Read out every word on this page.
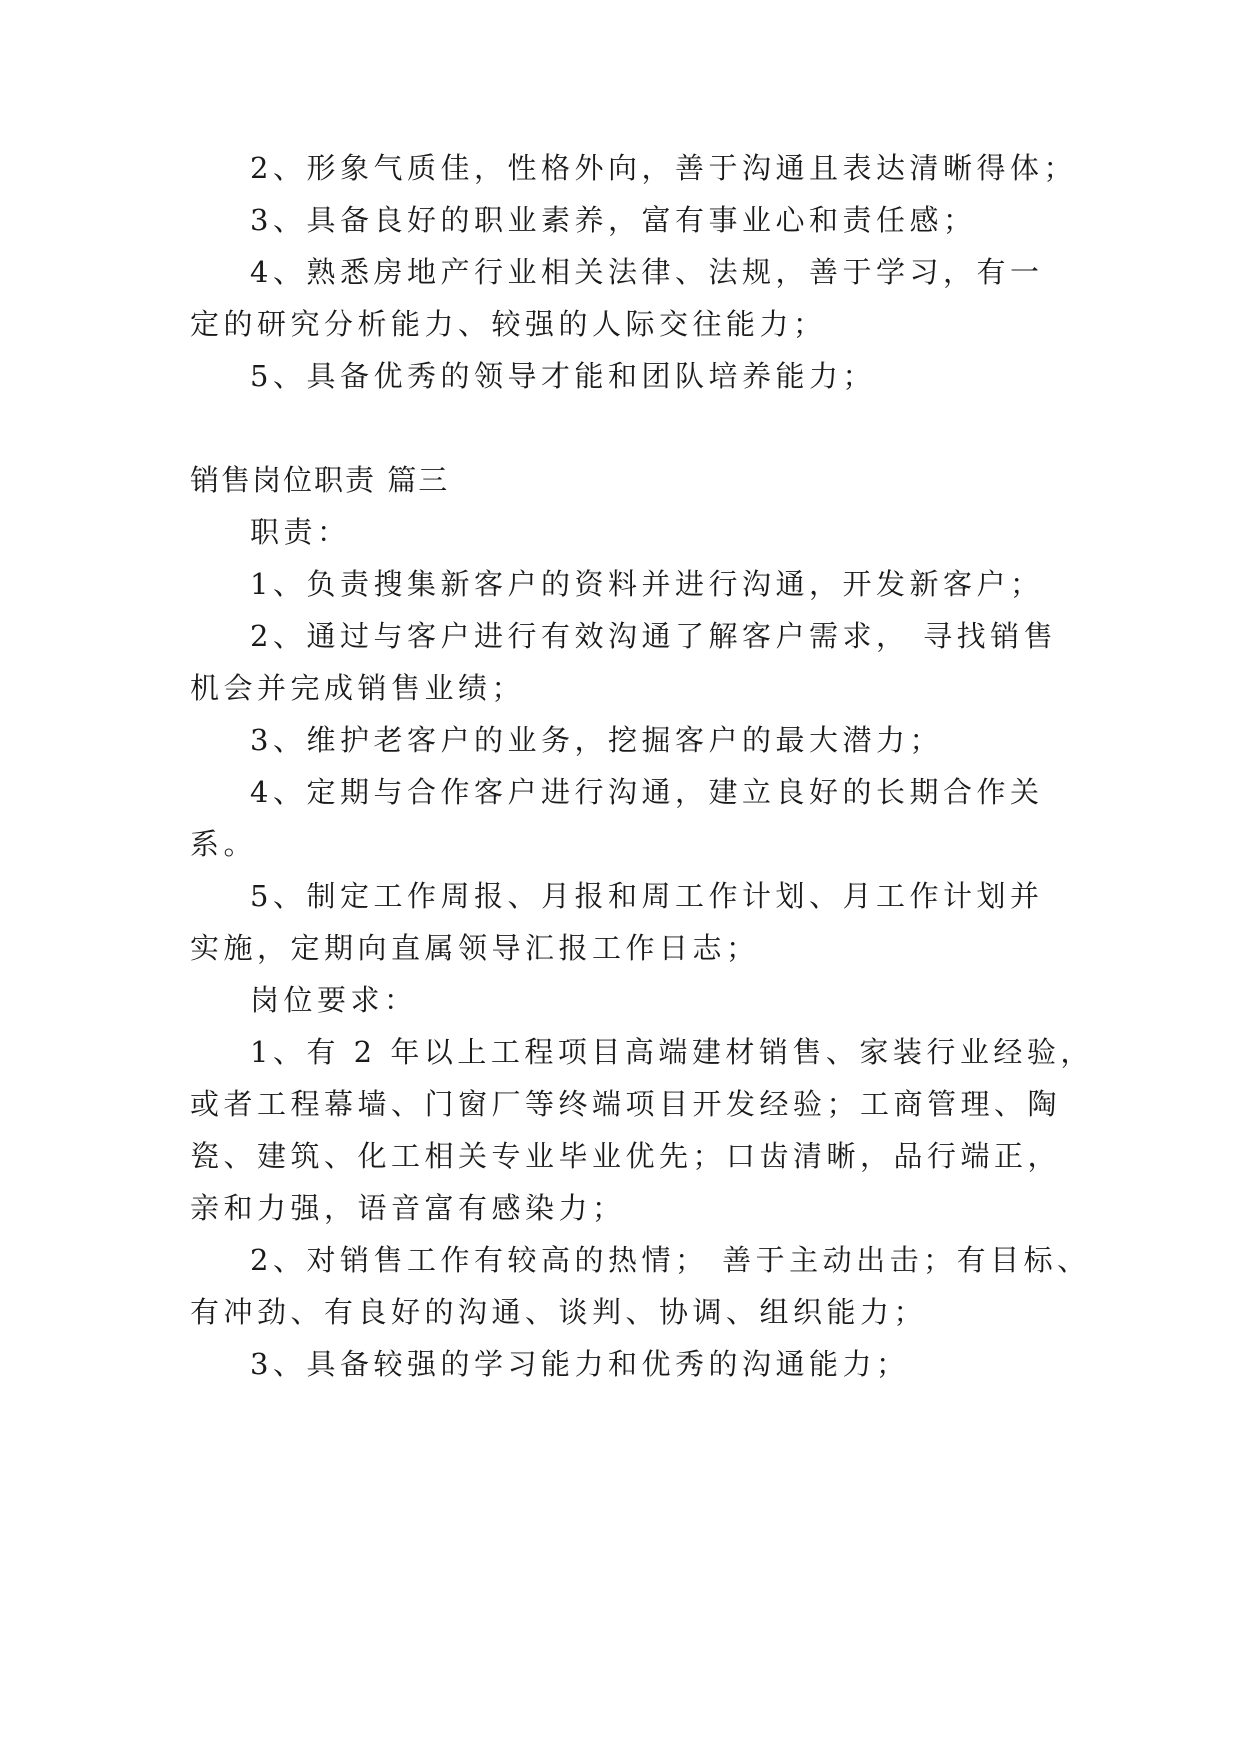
2、形象气质佳，性格外向，善于沟通且表达清晰得体；
3、具备良好的职业素养，富有事业心和责任感；
4、熟悉房地产行业相关法律、法规，善于学习，有一
定的研究分析能力、较强的人际交往能力；
5、具备优秀的领导才能和团队培养能力；
销售岗位职责 篇三
职责：
1、负责搜集新客户的资料并进行沟通，开发新客户；
2、通过与客户进行有效沟通了解客户需求， 寻找销售
机会并完成销售业绩；
3、维护老客户的业务，挖掘客户的最大潜力；
4、定期与合作客户进行沟通，建立良好的长期合作关
系。
5、制定工作周报、月报和周工作计划、月工作计划并
实施，定期向直属领导汇报工作日志；
岗位要求：
1、有 2 年以上工程项目高端建材销售、家装行业经验，
或者工程幕墙、门窗厂等终端项目开发经验；工商管理、陶
瓷、建筑、化工相关专业毕业优先；口齿清晰，品行端正，
亲和力强，语音富有感染力；
2、对销售工作有较高的热情； 善于主动出击；有目标、
有冲劲、有良好的沟通、谈判、协调、组织能力；
3、具备较强的学习能力和优秀的沟通能力；
